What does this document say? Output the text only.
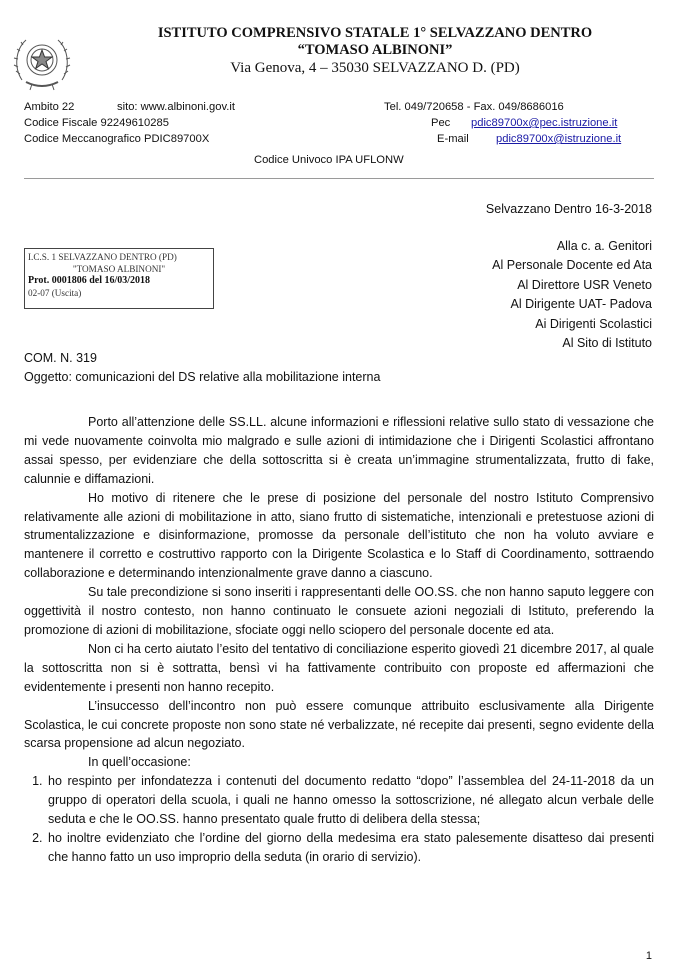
ISTITUTO COMPRENSIVO STATALE 1° SELVAZZANO DENTRO
“TOMASO ALBINONI”
Via Genova, 4 – 35030 SELVAZZANO D. (PD)
Ambito 22	sito: www.albinoni.gov.it	Tel. 049/720658 - Fax. 049/8686016
Codice Fiscale 92249610285	Pec pdic89700x@pec.istruzione.it
Codice Meccanografico PDIC89700X	E-mail pdic89700x@istruzione.it
Codice Univoco IPA UFLONW
Selvazzano Dentro 16-3-2018
I.C.S. 1 SELVAZZANO DENTRO (PD)
"TOMASO ALBINONI"
Prot. 0001806 del 16/03/2018
02-07 (Uscita)
Alla c. a. Genitori
Al Personale Docente ed Ata
Al Direttore USR Veneto
Al Dirigente UAT- Padova
Ai Dirigenti Scolastici
Al Sito di Istituto
COM. N. 319
Oggetto: comunicazioni del DS relative alla mobilitazione interna

Porto all’attenzione delle SS.LL. alcune informazioni e riflessioni relative sullo stato di vessazione che mi vede nuovamente coinvolta mio malgrado e sulle azioni di intimidazione che i Dirigenti Scolastici affrontano assai spesso, per evidenziare che della sottoscritta si è creata un’immagine strumentalizzata, frutto di fake, calunnie e diffamazioni.

Ho motivo di ritenere che le prese di posizione del personale del nostro Istituto Comprensivo relativamente alle azioni di mobilitazione in atto, siano frutto di sistematiche, intenzionali e pretestuose azioni di strumentalizzazione e disinformazione, promosse da personale dell’istituto che non ha voluto avviare e mantenere il corretto e costruttivo rapporto con la Dirigente Scolastica e lo Staff di Coordinamento, sottraendo collaborazione e determinando intenzionalmente grave danno a ciascuno.

Su tale precondizione si sono inseriti i rappresentanti delle OO.SS. che non hanno saputo leggere con oggettività il nostro contesto, non hanno continuato le consuete azioni negoziali di Istituto, preferendo la promozione di azioni di mobilitazione, sfociate oggi nello sciopero del personale docente ed ata.

Non ci ha certo aiutato l’esito del tentativo di conciliazione esperito giovedì 21 dicembre 2017, al quale la sottoscritta non si è sottratta, bensì vi ha fattivamente contribuito con proposte ed affermazioni che evidentemente i presenti non hanno recepito.

L’insuccesso dell’incontro non può essere comunque attribuito esclusivamente alla Dirigente Scolastica, le cui concrete proposte non sono state né verbalizzate, né recepite dai presenti, segno evidente della scarsa propensione ad alcun negoziato.

In quell’occasione:

1. ho respinto per infondatezza i contenuti del documento redatto “dopo” l’assemblea del 24-11-2018 da un gruppo di operatori della scuola, i quali ne hanno omesso la sottoscrizione, né allegato alcun verbale delle seduta e che le OO.SS. hanno presentato quale frutto di delibera della stessa;
2. ho inoltre evidenziato che l’ordine del giorno della medesima era stato palesemente disatteso dai presenti che hanno fatto un uso improprio della seduta (in orario di servizio).
1
